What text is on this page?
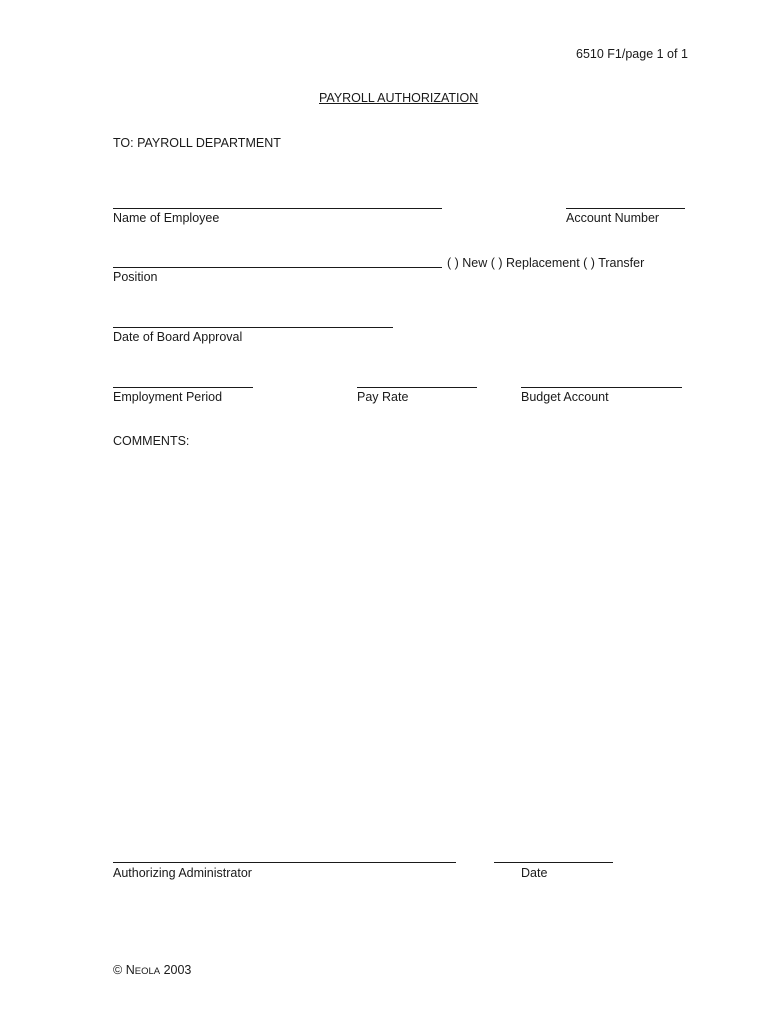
6510 F1/page 1 of 1
PAYROLL AUTHORIZATION
TO: PAYROLL DEPARTMENT
Name of Employee	Account Number
( ) New ( ) Replacement ( ) Transfer
Position
Date of Board Approval
Employment Period	Pay Rate	Budget Account
COMMENTS:
Authorizing Administrator	Date
© NEOLA 2003
